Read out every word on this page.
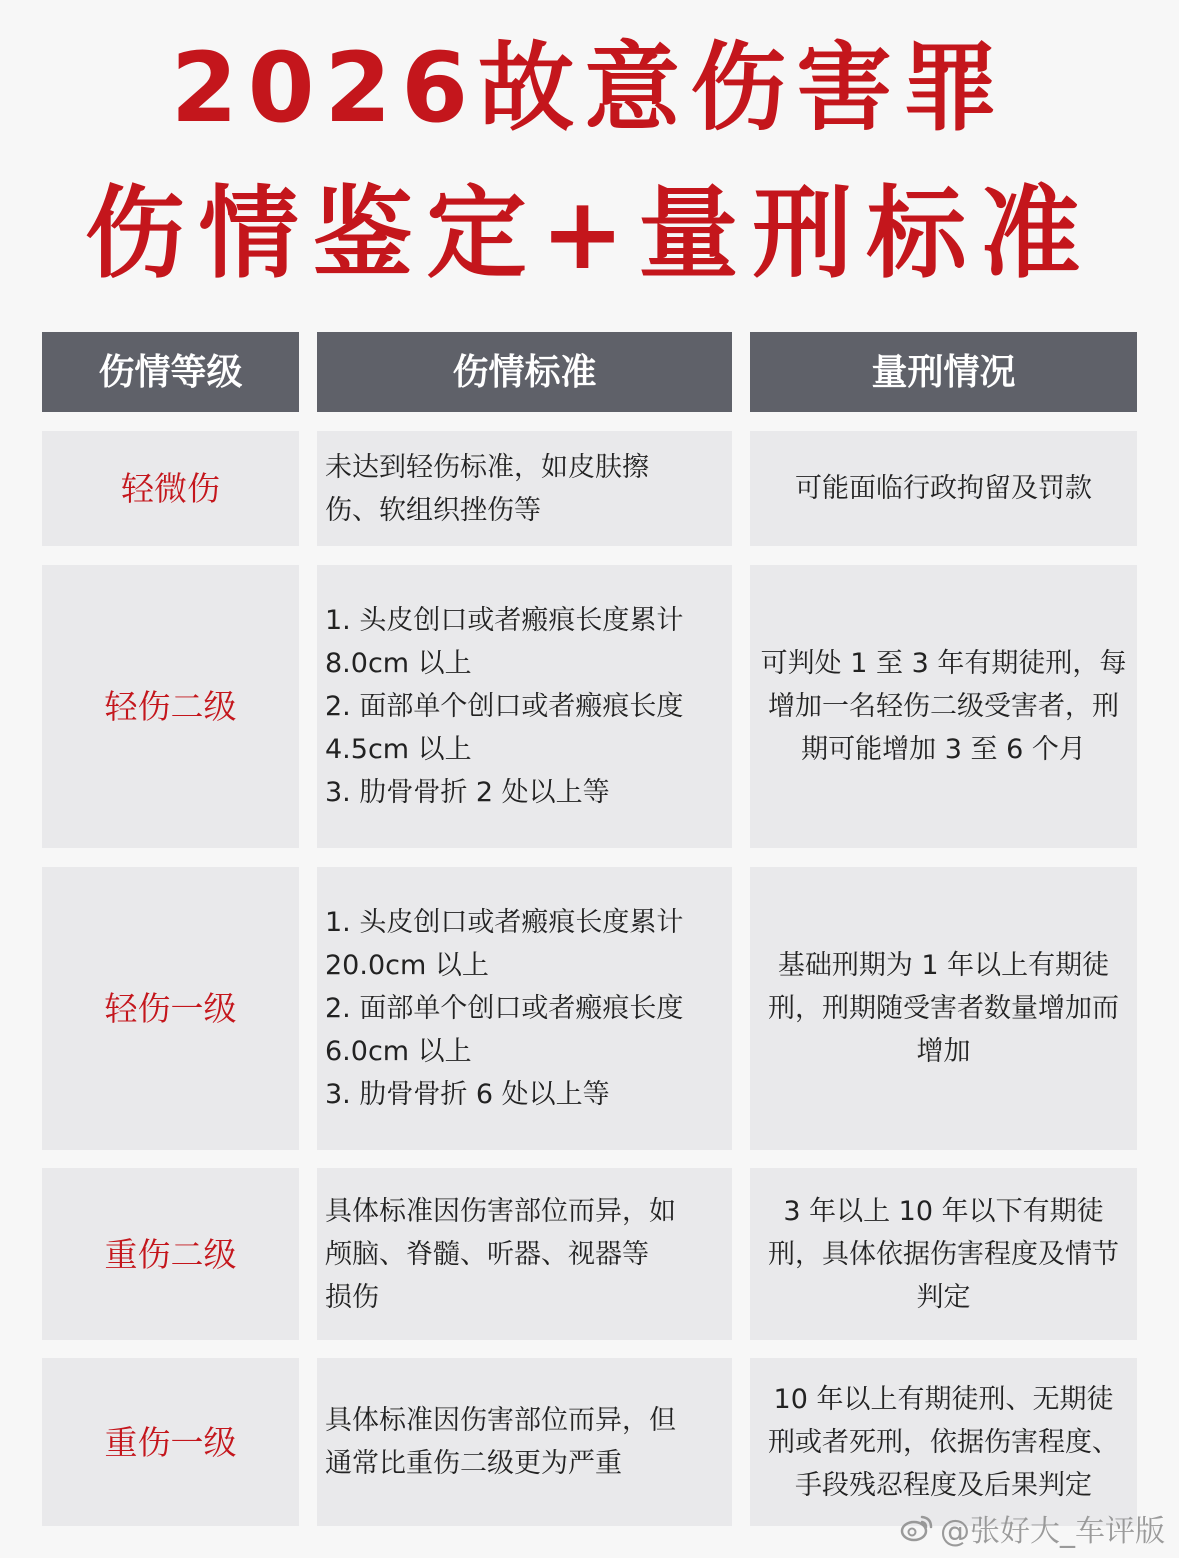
2026故意伤害罪
伤情鉴定+量刑标准
伤情等级	伤情标准	量刑情况
轻微伤
未达到轻伤标准，如皮肤擦
伤、软组织挫伤等
可能面临行政拘留及罚款
轻伤二级
1. 头皮创口或者瘢痕长度累计
8.0cm 以上
2. 面部单个创口或者瘢痕长度
4.5cm 以上
3. 肋骨骨折 2 处以上等
可判处 1 至 3 年有期徒刑，每
增加一名轻伤二级受害者，刑
期可能增加 3 至 6 个月
轻伤一级
1. 头皮创口或者瘢痕长度累计
20.0cm 以上
2. 面部单个创口或者瘢痕长度
6.0cm 以上
3. 肋骨骨折 6 处以上等
基础刑期为 1 年以上有期徒
刑，刑期随受害者数量增加而
增加
重伤二级
具体标准因伤害部位而异，如
颅脑、脊髓、听器、视器等
损伤
3 年以上 10 年以下有期徒
刑，具体依据伤害程度及情节
判定
重伤一级
具体标准因伤害部位而异，但
通常比重伤二级更为严重
10 年以上有期徒刑、无期徒
刑或者死刑，依据伤害程度、
手段残忍程度及后果判定
@张好大_车评版
